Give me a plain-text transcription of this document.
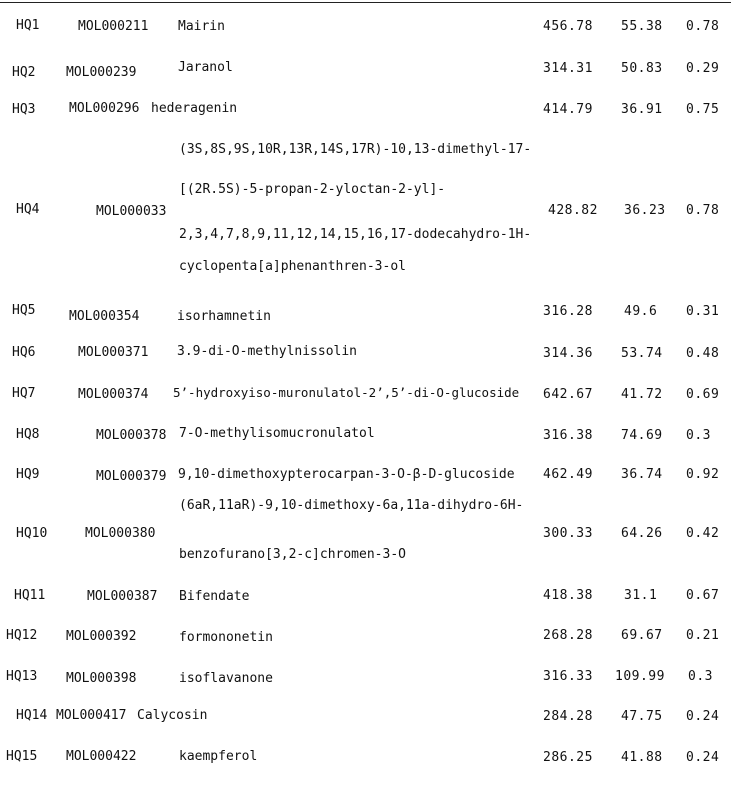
HQ1	MOL000211 Mairin	456.78 55.38 0.78
HQ2 MOL000239	Jaranol	314.31 50.83 0.29
HQ3	MOL000296 hederagenin	414.79 36.91 0.75
HQ4	MOL000033
(3S,8S,9S,10R,13R,14S,17R)-10,13-dimethyl-17-
[(2R.5S)-5-propan-2-yloctan-2-yl]-
2,3,4,7,8,9,11,12,14,15,16,17-dodecahydro-1H-
cyclopenta[a]phenanthren-3-ol
428.82 36.23 0.78
HQ5	MOL000354	isorhamnetin	316.28 49.6 0.31
HQ6	MOL000371 3.9-di-O-methylnissolin	314.36 53.74 0.48
HQ7	MOL000374 5’-hydroxyiso-muronulatol-2’,5’-di-O-glucoside 642.67 41.72 0.69
HQ8	MOL000378 7-O-methylisomucronulatol	316.38 74.69 0.3
HQ9	MOL000379 9,10-dimethoxypterocarpan-3-O-β-D-glucoside 462.49 36.74 0.92
HQ10	MOL000380
(6aR,11aR)-9,10-dimethoxy-6a,11a-dihydro-6H-
benzofurano[3,2-c]chromen-3-O
300.33 64.26 0.42
HQ11	MOL000387 Bifendate	418.38 31.1 0.67
HQ12 MOL000392	formononetin	268.28 69.67 0.21
HQ13 MOL000398	isoflavanone	316.33 109.99 0.3
HQ14 MOL000417 Calycosin	284.28 47.75 0.24
HQ15 MOL000422	kaempferol	286.25 41.88 0.24
